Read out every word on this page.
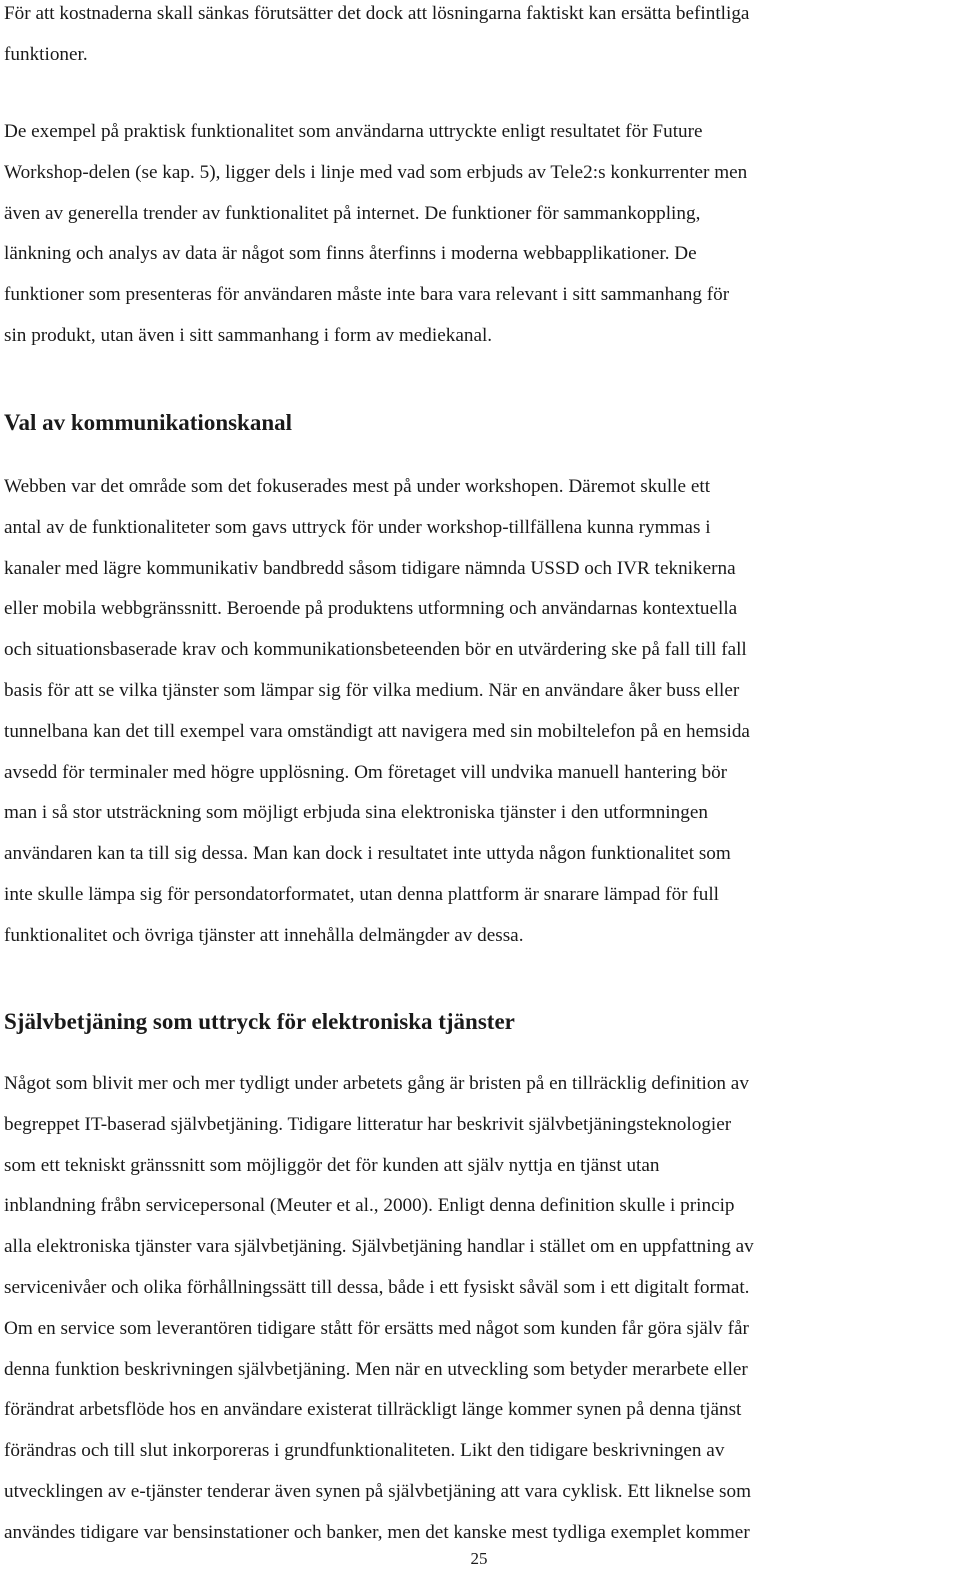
För att kostnaderna skall sänkas förutsätter det dock att lösningarna faktiskt kan ersätta befintliga
funktioner.

De exempel på praktisk funktionalitet som användarna uttryckte enligt resultatet för Future
Workshop-delen (se kap. 5), ligger dels i linje med vad som erbjuds av Tele2:s konkurrenter men
även av generella trender av funktionalitet på internet. De funktioner för sammankoppling,
länkning och analys av data är något som finns återfinns i moderna webbapplikationer. De
funktioner som presenteras för användaren måste inte bara vara relevant i sitt sammanhang för
sin produkt, utan även i sitt sammanhang i form av mediekanal.

Val av kommunikationskanal

Webben var det område som det fokuserades mest på under workshopen. Däremot skulle ett
antal av de funktionaliteter som gavs uttryck för under workshop-tillfällena kunna rymmas i
kanaler med lägre kommunikativ bandbredd såsom tidigare nämnda USSD och IVR teknikerna
eller mobila webbgränssnitt. Beroende på produktens utformning och användarnas kontextuella
och situationsbaserade krav och kommunikationsbeteenden bör en utvärdering ske på fall till fall
basis för att se vilka tjänster som lämpar sig för vilka medium. När en användare åker buss eller
tunnelbana kan det till exempel vara omständigt att navigera med sin mobiltelefon på en hemsida
avsedd för terminaler med högre upplösning. Om företaget vill undvika manuell hantering bör
man i så stor utsträckning som möjligt erbjuda sina elektroniska tjänster i den utformningen
användaren kan ta till sig dessa. Man kan dock i resultatet inte uttyda någon funktionalitet som
inte skulle lämpa sig för persondatorformatet, utan denna plattform är snarare lämpad för full
funktionalitet och övriga tjänster att innehålla delmängder av dessa.

Självbetjäning som uttryck för elektroniska tjänster

Något som blivit mer och mer tydligt under arbetets gång är bristen på en tillräcklig definition av
begreppet IT-baserad självbetjäning. Tidigare litteratur har beskrivit självbetjäningsteknologier
som ett tekniskt gränssnitt som möjliggör det för kunden att själv nyttja en tjänst utan
inblandning fråbn servicepersonal (Meuter et al., 2000). Enligt denna definition skulle i princip
alla elektroniska tjänster vara självbetjäning. Självbetjäning handlar i stället om en uppfattning av
servicenivåer och olika förhållningssätt till dessa, både i ett fysiskt såväl som i ett digitalt format.
Om en service som leverantören tidigare stått för ersätts med något som kunden får göra själv får
denna funktion beskrivningen självbetjäning. Men när en utveckling som betyder merarbete eller
förändrat arbetsflöde hos en användare existerat tillräckligt länge kommer synen på denna tjänst
förändras och till slut inkorporeras i grundfunktionaliteten. Likt den tidigare beskrivningen av
utvecklingen av e-tjänster tenderar även synen på självbetjäning att vara cyklisk. Ett liknelse som
användes tidigare var bensinstationer och banker, men det kanske mest tydliga exemplet kommer

25
